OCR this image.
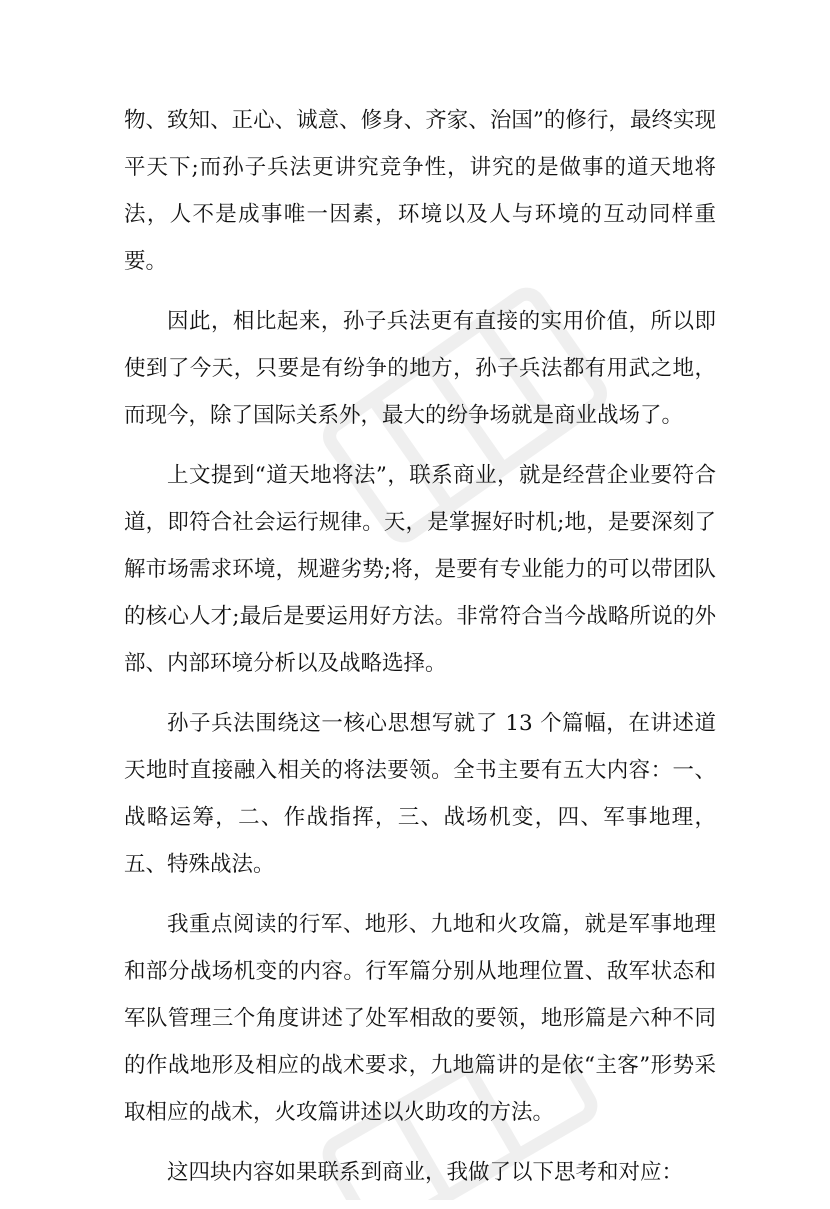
物、致知、正心、诚意、修身、齐家、治国”的修行，最终实现平天下;而孙子兵法更讲究竞争性，讲究的是做事的道天地将法，人不是成事唯一因素，环境以及人与环境的互动同样重要。

因此，相比起来，孙子兵法更有直接的实用价值，所以即使到了今天，只要是有纷争的地方，孙子兵法都有用武之地，而现今，除了国际关系外，最大的纷争场就是商业战场了。

上文提到“道天地将法”，联系商业，就是经营企业要符合道，即符合社会运行规律。天，是掌握好时机;地，是要深刻了解市场需求环境，规避劣势;将，是要有专业能力的可以带团队的核心人才;最后是要运用好方法。非常符合当今战略所说的外部、内部环境分析以及战略选择。

孙子兵法围绕这一核心思想写就了 13 个篇幅，在讲述道天地时直接融入相关的将法要领。全书主要有五大内容：一、战略运筹，二、作战指挥，三、战场机变，四、军事地理，五、特殊战法。

我重点阅读的行军、地形、九地和火攻篇，就是军事地理和部分战场机变的内容。行军篇分别从地理位置、敌军状态和军队管理三个角度讲述了处军相敌的要领，地形篇是六种不同的作战地形及相应的战术要求，九地篇讲的是依“主客”形势采取相应的战术，火攻篇讲述以火助攻的方法。

这四块内容如果联系到商业，我做了以下思考和对应：
